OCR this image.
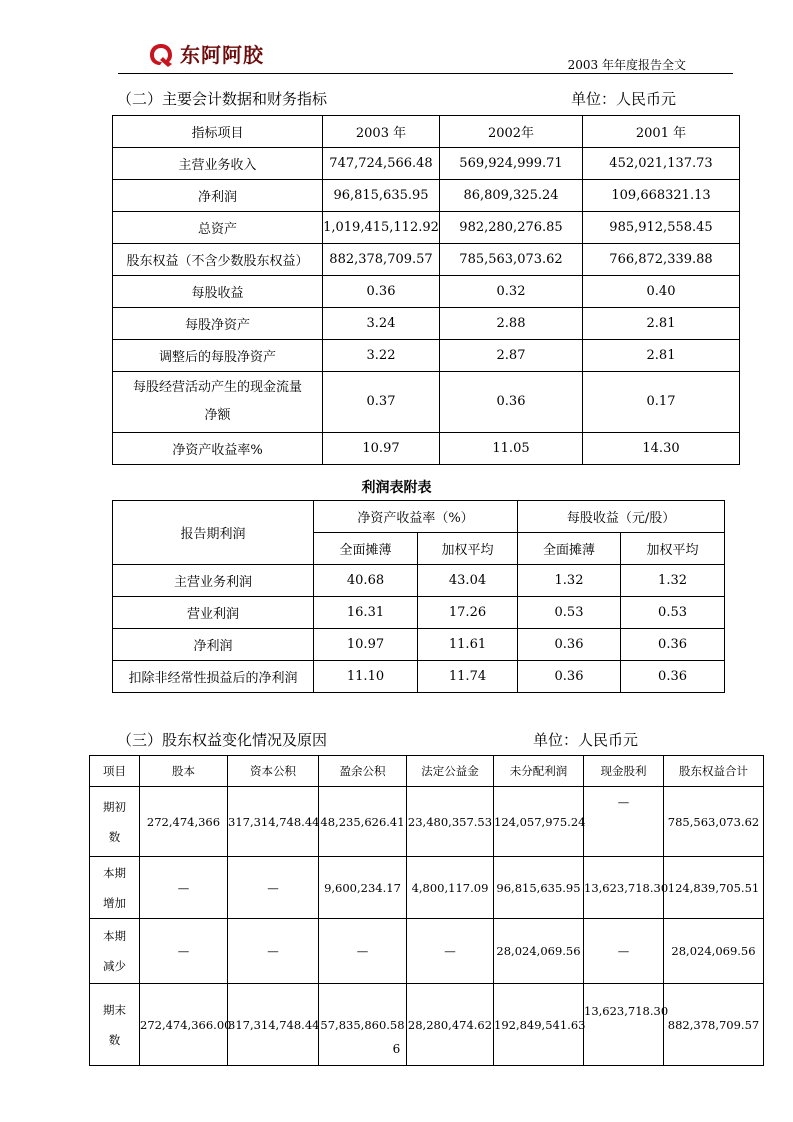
东阿阿胶	2003 年年度报告全文
（二）主要会计数据和财务指标	单位：人民币元
指标项目	2003 年	2002年	2001 年
主营业务收入	747,724,566.48	569,924,999.71	452,021,137.73
净利润	96,815,635.95	86,809,325.24	109,668321.13
总资产	1,019,415,112.92	982,280,276.85	985,912,558.45
股东权益（不含少数股东权益）	882,378,709.57	785,563,073.62	766,872,339.88
每股收益	0.36	0.32	0.40
每股净资产	3.24	2.88	2.81
调整后的每股净资产	3.22	2.87	2.81
每股经营活动产生的现金流量
净额	0.37	0.36	0.17
净资产收益率%	10.97	11.05	14.30
利润表附表
报告期利润	净资产收益率（%）		每股收益（元/股）	
	全面摊薄	加权平均	全面摊薄	加权平均
主营业务利润	40.68	43.04	1.32	1.32
营业利润	16.31	17.26	0.53	0.53
净利润	10.97	11.61	0.36	0.36
扣除非经常性损益后的净利润	11.10	11.74	0.36	0.36
（三）股东权益变化情况及原因	单位：人民币元
项目	股本	资本公积	盈余公积	法定公益金	未分配利润	现金股利	股东权益合计
期初
数	272,474,366	317,314,748.44	48,235,626.41	23,480,357.53	124,057,975.24	—	785,563,073.62
本期
增加	—	—	9,600,234.17	4,800,117.09	96,815,635.95	13,623,718.30	124,839,705.51
本期
减少	—	—	—	—	28,024,069.56	—	28,024,069.56
期末
数	272,474,366.00	317,314,748.44	57,835,860.58	28,280,474.62	192,849,541.63	13,623,718.30	882,378,709.57
6
